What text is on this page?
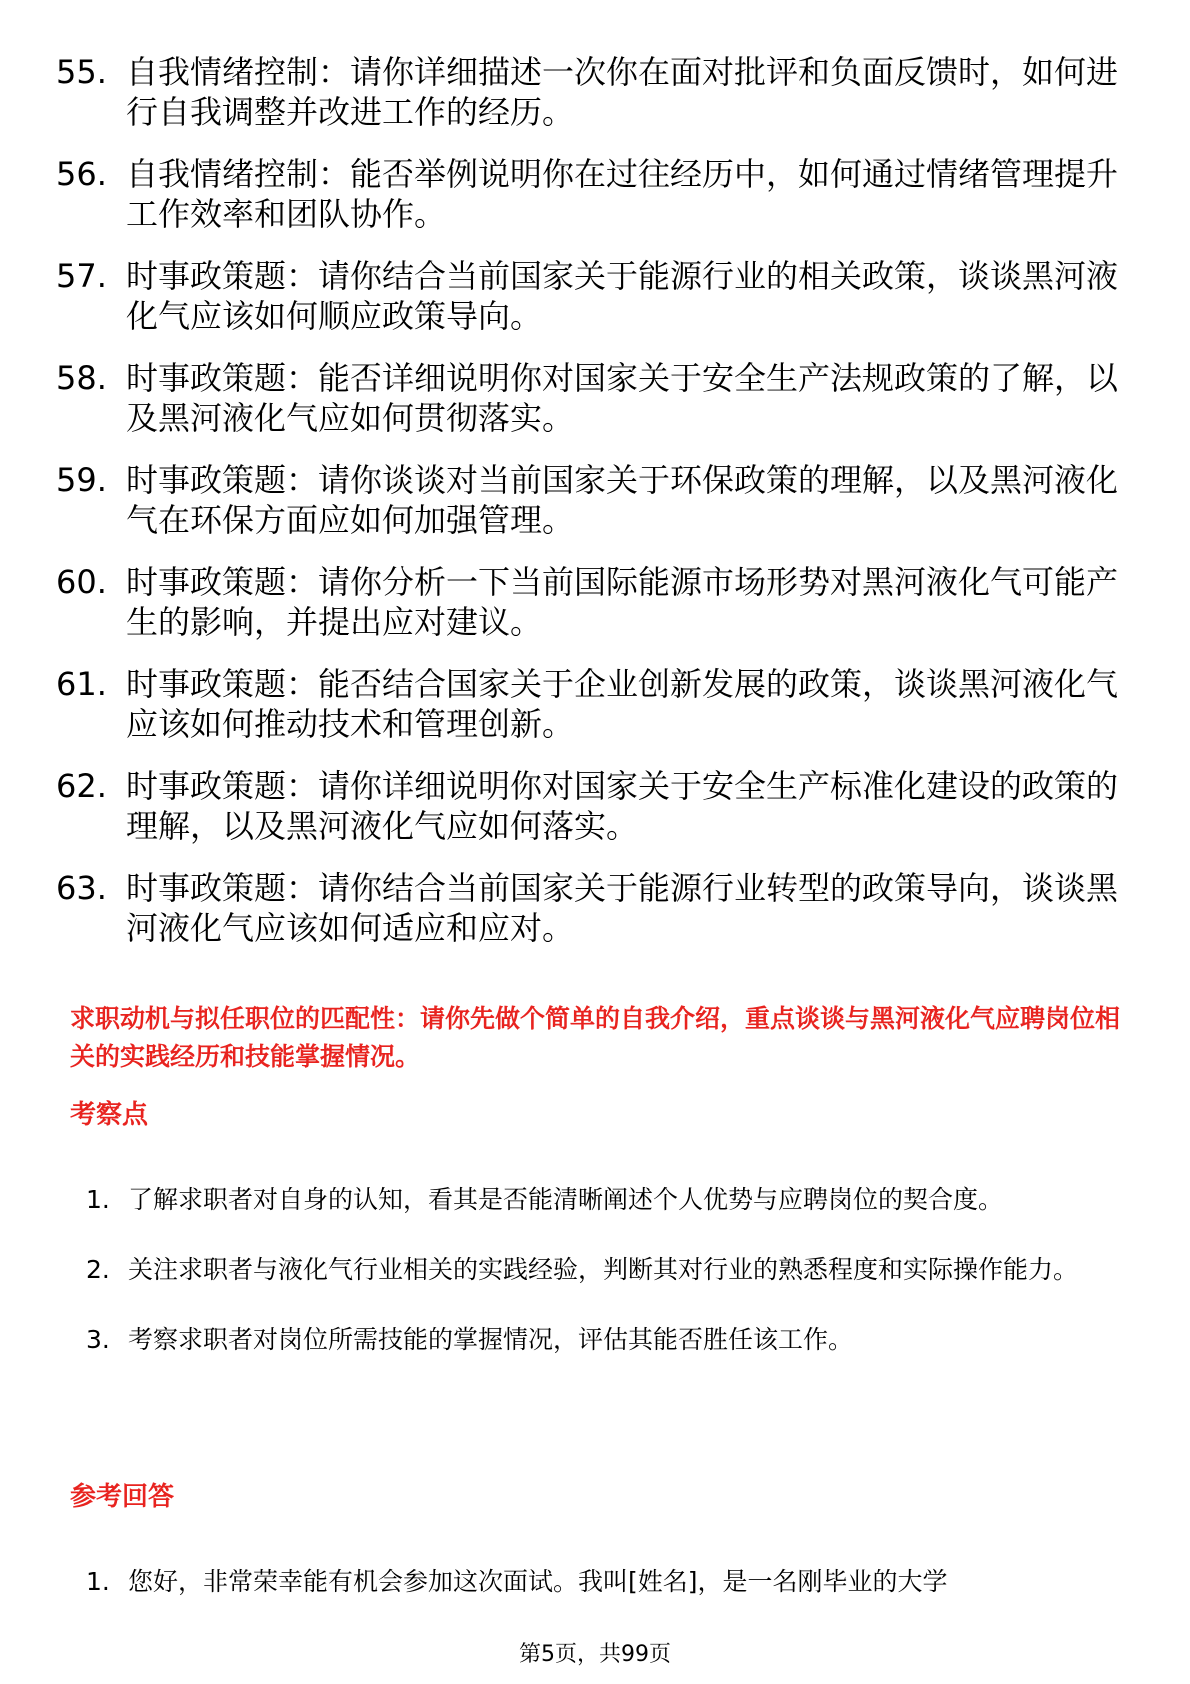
55. 自我情绪控制：请你详细描述一次你在面对批评和负面反馈时，如何进行自我调整并改进工作的经历。
56. 自我情绪控制：能否举例说明你在过往经历中，如何通过情绪管理提升工作效率和团队协作。
57. 时事政策题：请你结合当前国家关于能源行业的相关政策，谈谈黑河液化气应该如何顺应政策导向。
58. 时事政策题：能否详细说明你对国家关于安全生产法规政策的了解，以及黑河液化气应如何贯彻落实。
59. 时事政策题：请你谈谈对当前国家关于环保政策的理解，以及黑河液化气在环保方面应如何加强管理。
60. 时事政策题：请你分析一下当前国际能源市场形势对黑河液化气可能产生的影响，并提出应对建议。
61. 时事政策题：能否结合国家关于企业创新发展的政策，谈谈黑河液化气应该如何推动技术和管理创新。
62. 时事政策题：请你详细说明你对国家关于安全生产标准化建设的政策的理解，以及黑河液化气应如何落实。
63. 时事政策题：请你结合当前国家关于能源行业转型的政策导向，谈谈黑河液化气应该如何适应和应对。
求职动机与拟任职位的匹配性：请你先做个简单的自我介绍，重点谈谈与黑河液化气应聘岗位相关的实践经历和技能掌握情况。
考察点
1. 了解求职者对自身的认知，看其是否能清晰阐述个人优势与应聘岗位的契合度。
2. 关注求职者与液化气行业相关的实践经验，判断其对行业的熟悉程度和实际操作能力。
3. 考察求职者对岗位所需技能的掌握情况，评估其能否胜任该工作。
参考回答
1. 您好，非常荣幸能有机会参加这次面试。我叫[姓名]，是一名刚毕业的大学
第5页，共99页
